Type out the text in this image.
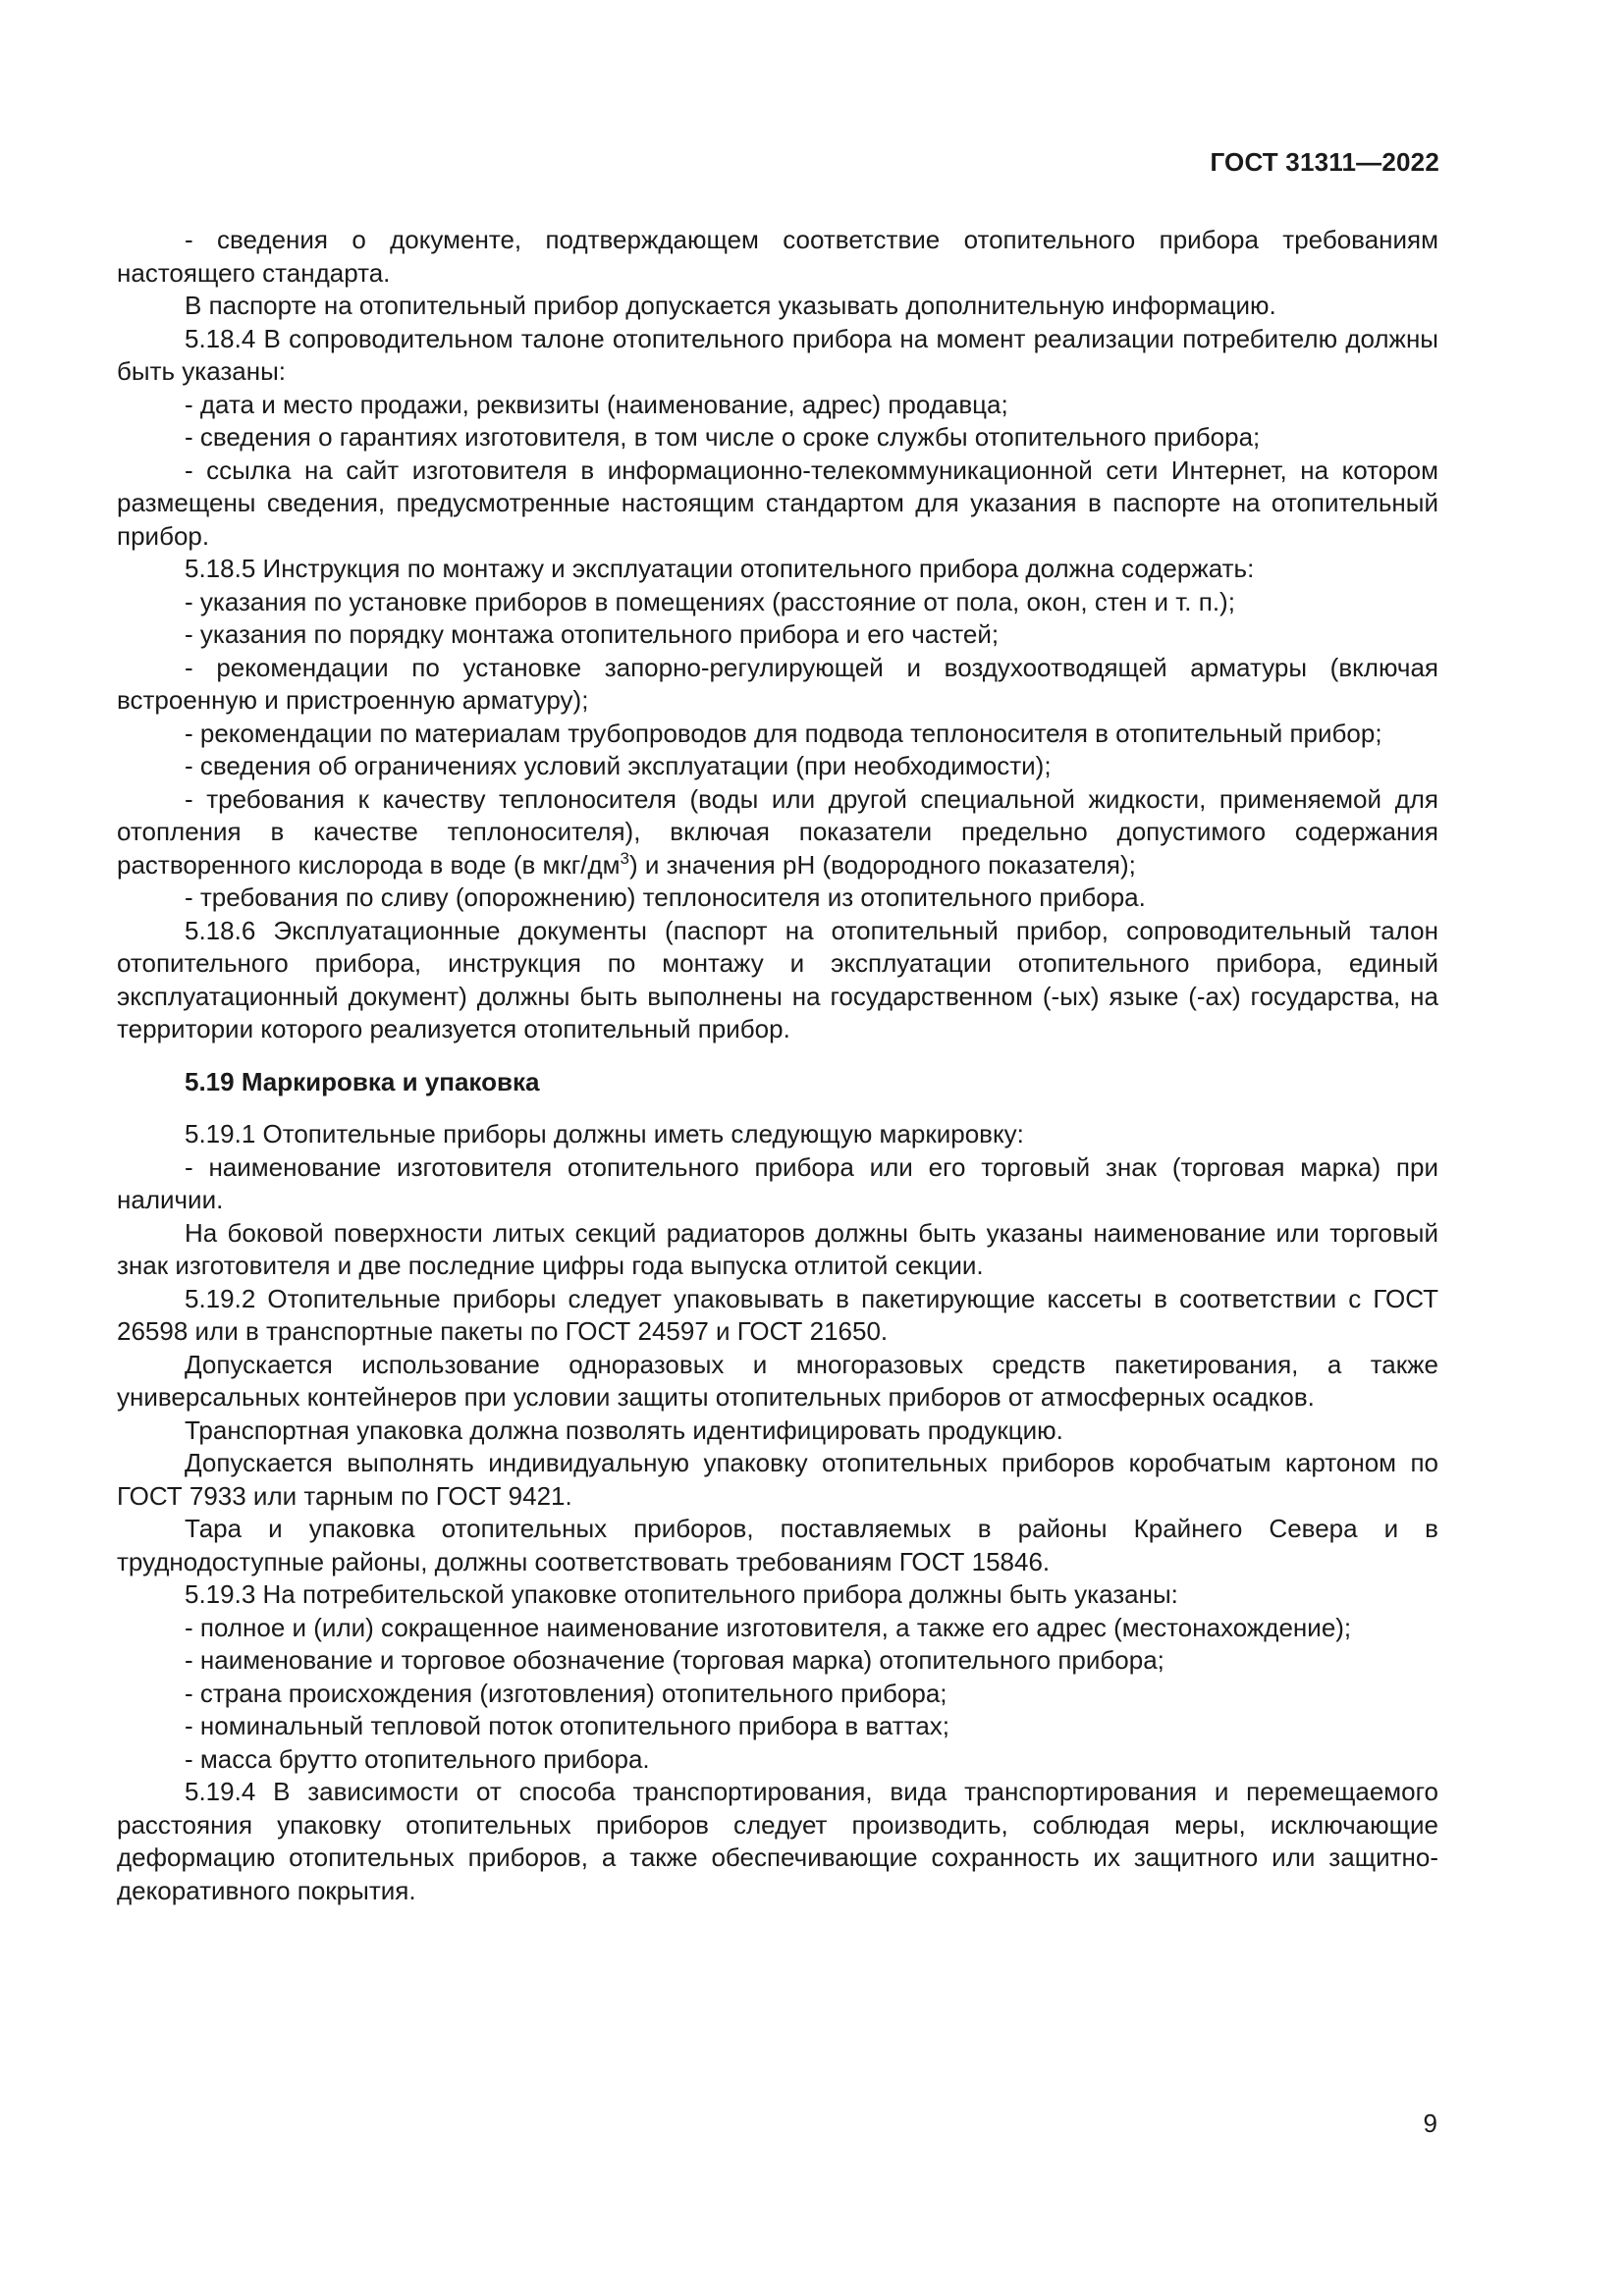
ГОСТ 31311—2022

- сведения о документе, подтверждающем соответствие отопительного прибора требованиям настоящего стандарта.

В паспорте на отопительный прибор допускается указывать дополнительную информацию.

5.18.4 В сопроводительном талоне отопительного прибора на момент реализации потребителю должны быть указаны:

- дата и место продажи, реквизиты (наименование, адрес) продавца;

- сведения о гарантиях изготовителя, в том числе о сроке службы отопительного прибора;

- ссылка на сайт изготовителя в информационно-телекоммуникационной сети Интернет, на котором размещены сведения, предусмотренные настоящим стандартом для указания в паспорте на отопительный прибор.

5.18.5 Инструкция по монтажу и эксплуатации отопительного прибора должна содержать:

- указания по установке приборов в помещениях (расстояние от пола, окон, стен и т. п.);

- указания по порядку монтажа отопительного прибора и его частей;

- рекомендации по установке запорно-регулирующей и воздухоотводящей арматуры (включая встроенную и пристроенную арматуру);

- рекомендации по материалам трубопроводов для подвода теплоносителя в отопительный прибор;

- сведения об ограничениях условий эксплуатации (при необходимости);

- требования к качеству теплоносителя (воды или другой специальной жидкости, применяемой для отопления в качестве теплоносителя), включая показатели предельно допустимого содержания растворенного кислорода в воде (в мкг/$дм^3$) и значения pH (водородного показателя);

- требования по сливу (опорожнению) теплоносителя из отопительного прибора.

5.18.6 Эксплуатационные документы (паспорт на отопительный прибор, сопроводительный талон отопительного прибора, инструкция по монтажу и эксплуатации отопительного прибора, единый эксплуатационный документ) должны быть выполнены на государственном (-ых) языке (-ах) государства, на территории которого реализуется отопительный прибор.

5.19 Маркировка и упаковка

5.19.1 Отопительные приборы должны иметь следующую маркировку:

- наименование изготовителя отопительного прибора или его торговый знак (торговая марка) при наличии.

На боковой поверхности литых секций радиаторов должны быть указаны наименование или торговый знак изготовителя и две последние цифры года выпуска отлитой секции.

5.19.2 Отопительные приборы следует упаковывать в пакетирующие кассеты в соответствии с ГОСТ 26598 или в транспортные пакеты по ГОСТ 24597 и ГОСТ 21650.

Допускается использование одноразовых и многоразовых средств пакетирования, а также универсальных контейнеров при условии защиты отопительных приборов от атмосферных осадков.

Транспортная упаковка должна позволять идентифицировать продукцию.

Допускается выполнять индивидуальную упаковку отопительных приборов коробчатым картоном по ГОСТ 7933 или тарным по ГОСТ 9421.

Тара и упаковка отопительных приборов, поставляемых в районы Крайнего Севера и в труднодоступные районы, должны соответствовать требованиям ГОСТ 15846.

5.19.3 На потребительской упаковке отопительного прибора должны быть указаны:

- полное и (или) сокращенное наименование изготовителя, а также его адрес (местонахождение);

- наименование и торговое обозначение (торговая марка) отопительного прибора;

- страна происхождения (изготовления) отопительного прибора;

- номинальный тепловой поток отопительного прибора в ваттах;

- масса брутто отопительного прибора.

5.19.4 В зависимости от способа транспортирования, вида транспортирования и перемещаемого расстояния упаковку отопительных приборов следует производить, соблюдая меры, исключающие деформацию отопительных приборов, а также обеспечивающие сохранность их защитного или защитно-декоративного покрытия.

9
